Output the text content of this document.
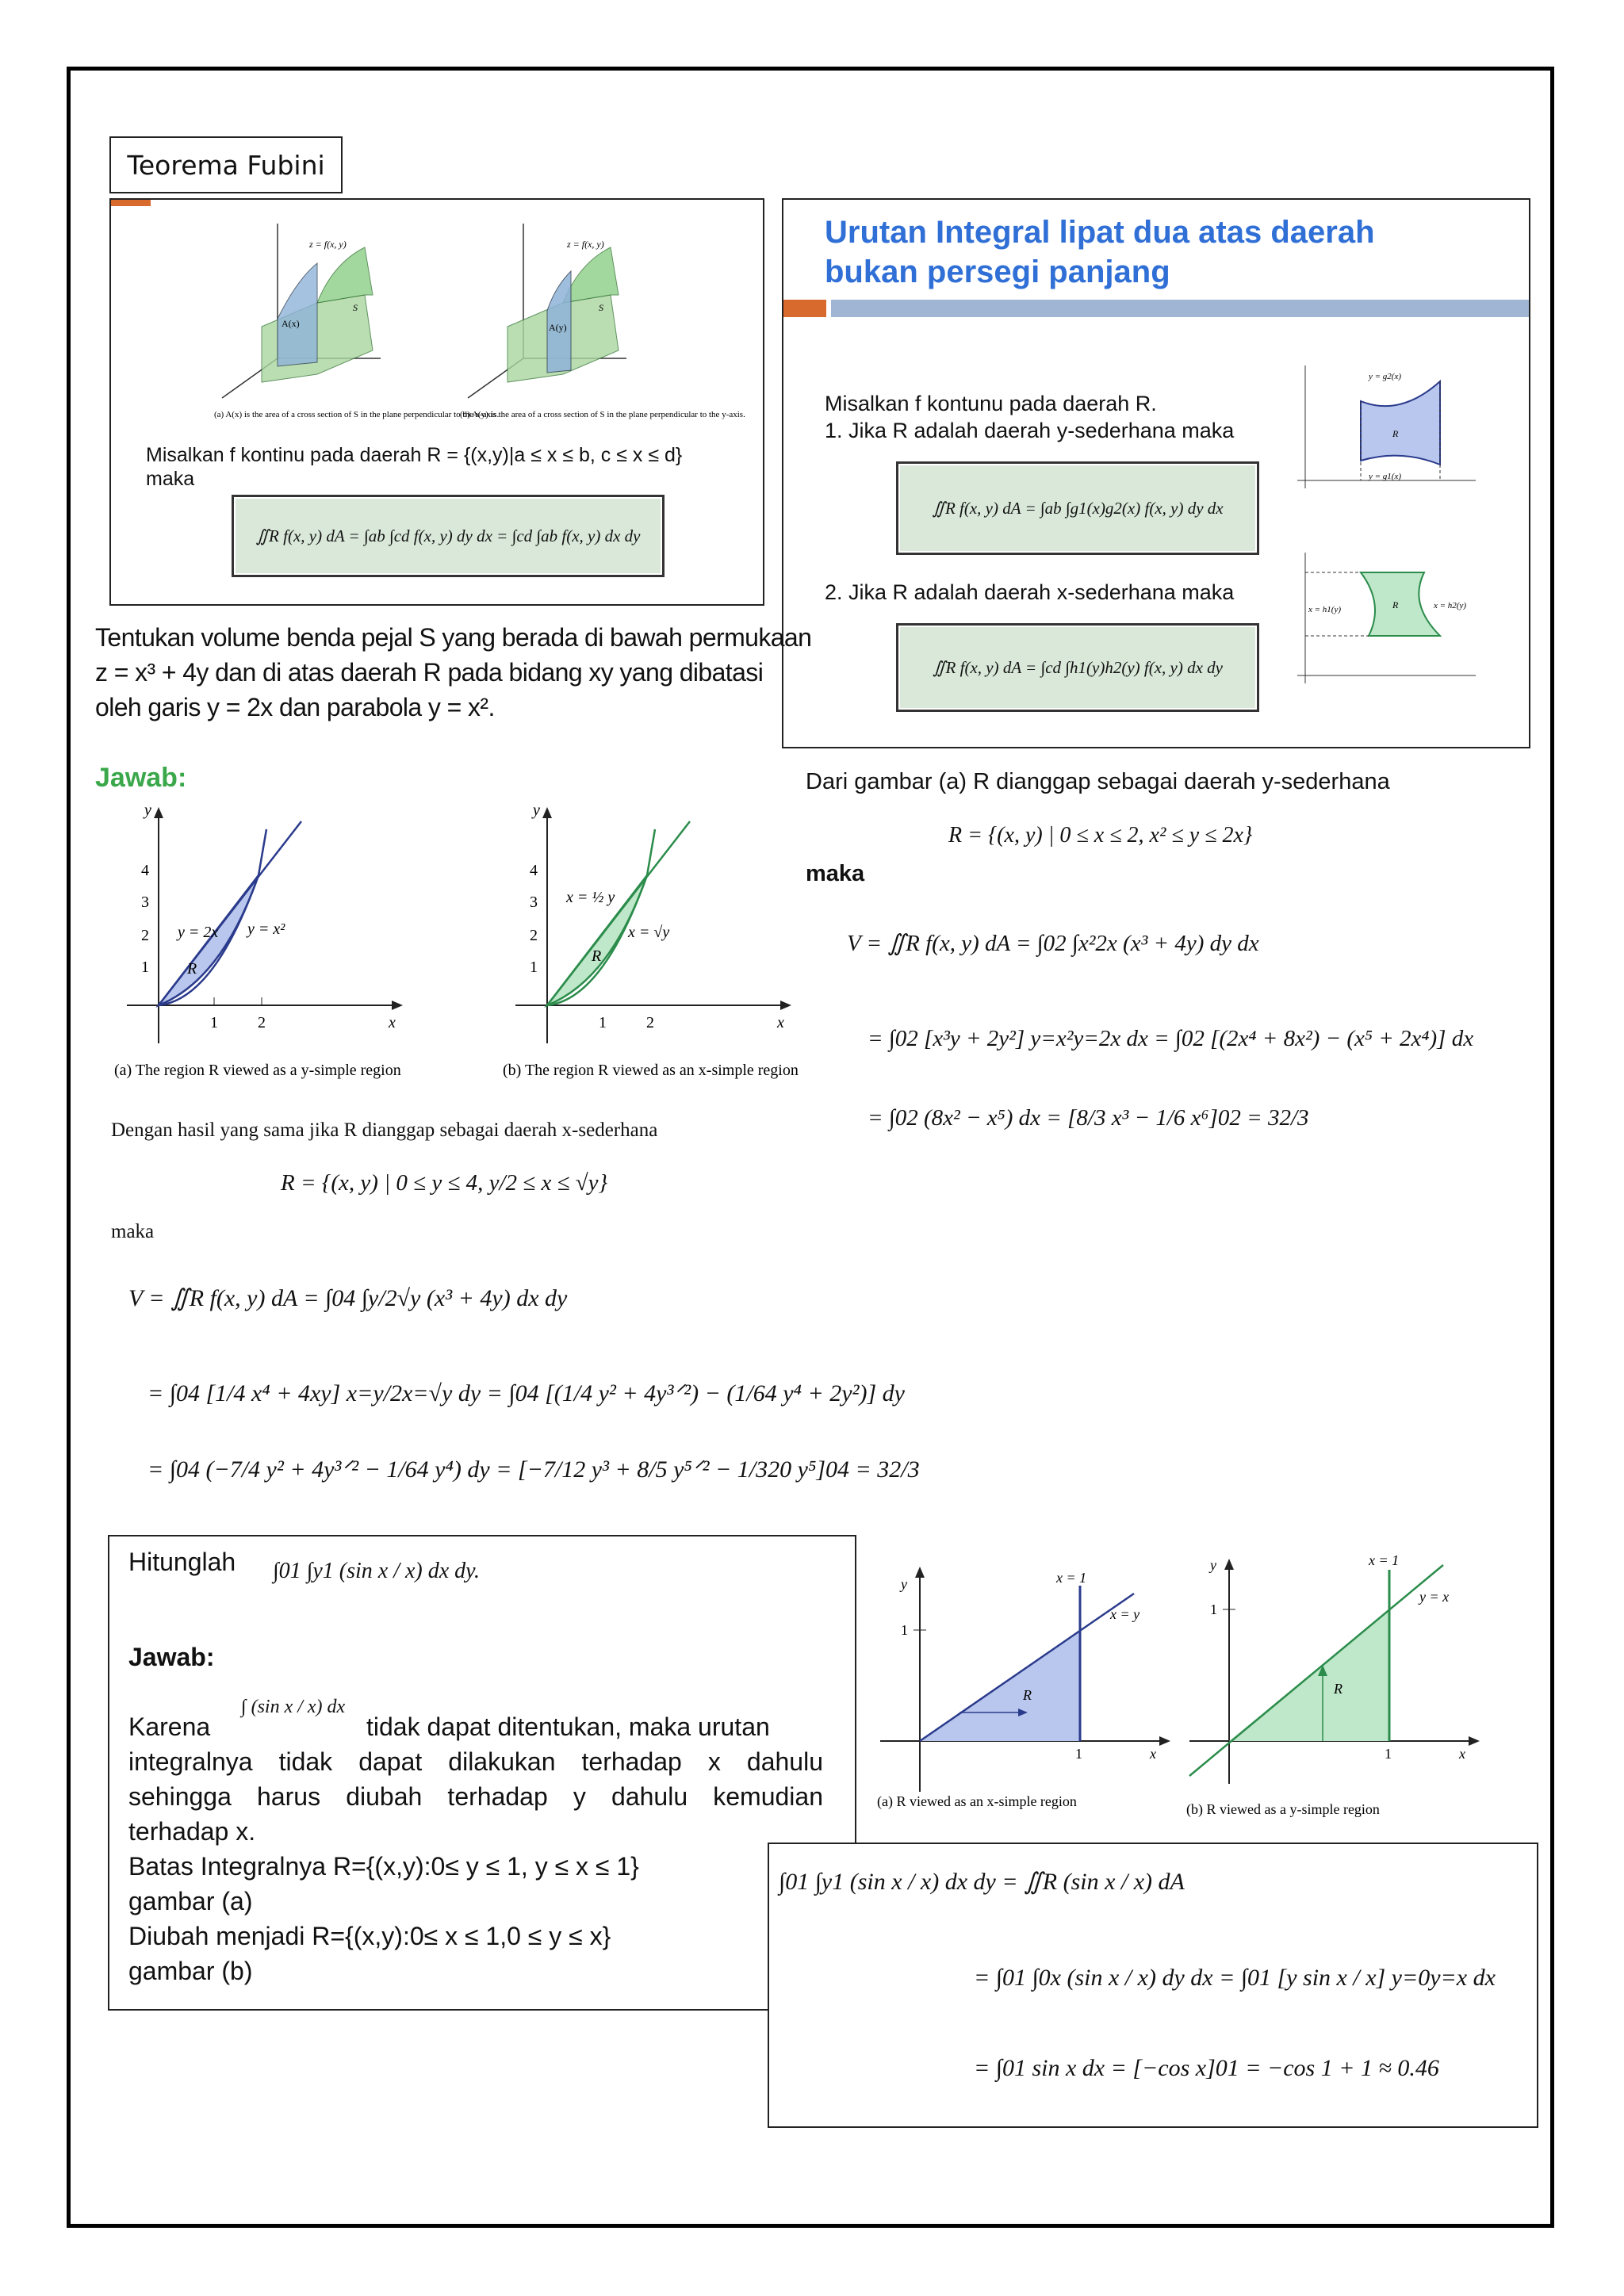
Teorema Fubini
A(x)
z = f(x, y)
S
(a) A(x) is the area of a cross section of S in the plane perpendicular to the x-axis.
A(y)
z = f(x, y)
S
(b) A(y) is the area of a cross section of S in the plane perpendicular to the y-axis.
Misalkan f kontinu pada daerah R = {(x,y)|a ≤ x ≤ b, c ≤ x ≤ d}
maka
∬R f(x, y) dA = ∫ab ∫cd f(x, y) dy dx = ∫cd ∫ab f(x, y) dx dy
Urutan Integral lipat dua atas daerah
bukan persegi panjang
Misalkan f kontunu pada daerah R.
1. Jika R adalah daerah y-sederhana maka
∬R f(x, y) dA = ∫ab ∫g1(x)g2(x) f(x, y) dy dx
2. Jika R adalah daerah x-sederhana maka
∬R f(x, y) dA = ∫cd ∫h1(y)h2(y) f(x, y) dx dy
R
y = g2(x)
y = g1(x)
R
x = h1(y)	x = h2(y)
Tentukan volume benda pejal S yang berada di bawah permukaan
z = x³ + 4y dan di atas daerah R pada bidang xy yang dibatasi
oleh garis y = 2x dan parabola y = x².
Jawab:
1	2
1
2
3
4
y
x
y = 2x y = x²
R
(a) The region R viewed as a y-simple region
1	2
1
2
3
4
y
x
x = ½ y
x = √y
R
(b) The region R viewed as an x-simple region
Dari gambar (a) R dianggap sebagai daerah y-sederhana
R = {(x, y) | 0 ≤ x ≤ 2, x² ≤ y ≤ 2x}
maka
V = ∬R f(x, y) dA = ∫02 ∫x²2x (x³ + 4y) dy dx
= ∫02 [x³y + 2y²] y=x²y=2x dx = ∫02 [(2x⁴ + 8x²) − (x⁵ + 2x⁴)] dx
= ∫02 (8x² − x⁵) dx = [8/3 x³ − 1/6 x⁶]02 = 32/3
Dengan hasil yang sama jika R dianggap sebagai daerah x-sederhana
R = {(x, y) | 0 ≤ y ≤ 4, y/2 ≤ x ≤ √y}
maka
V = ∬R f(x, y) dA = ∫04 ∫y/2√y (x³ + 4y) dx dy
= ∫04 [1/4 x⁴ + 4xy] x=y/2x=√y dy = ∫04 [(1/4 y² + 4y³ᐟ²) − (1/64 y⁴ + 2y²)] dy
= ∫04 (−7/4 y² + 4y³ᐟ² − 1/64 y⁴) dy = [−7/12 y³ + 8/5 y⁵ᐟ² − 1/320 y⁵]04 = 32/3
Hitunglah ∫01 ∫y1 (sin x / x) dx dy.
Jawab:
Karena
∫ (sin x / x) dx
tidak dapat ditentukan, maka urutan
integralnya tidak dapat dilakukan terhadap x dahulu
sehingga harus diubah terhadap y dahulu kemudian
terhadap x.
Batas Integralnya R={(x,y):0≤ y ≤ 1, y ≤ x ≤ 1}
gambar (a)
Diubah menjadi R={(x,y):0≤ x ≤ 1,0 ≤ y ≤ x}
gambar (b)
1
1
y
x
x = 1
x = y
R
(a) R viewed as an x-simple region
1
1
y
x
x = 1
y = x
R
(b) R viewed as a y-simple region
∫01 ∫y1 (sin x / x) dx dy = ∬R (sin x / x) dA
= ∫01 ∫0x (sin x / x) dy dx = ∫01 [y sin x / x] y=0y=x dx
= ∫01 sin x dx = [−cos x]01 = −cos 1 + 1 ≈ 0.46
